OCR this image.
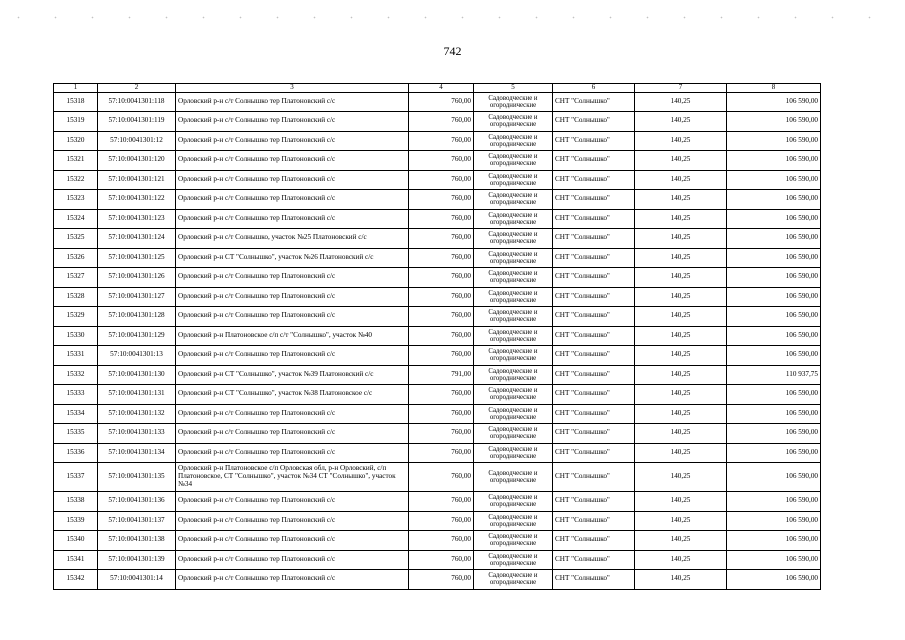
742
1	2	3	4	5	6	7	8
15318	57:10:0041301:118	Орловский р-н с/т Солнышко тер Платоновский с/с	760,00	Садоводческие и огороднические	СНТ "Солнышко"	140,25	106 590,00
15319	57:10:0041301:119	Орловский р-н с/т Солнышко тер Платоновский с/с	760,00	Садоводческие и огороднические	СНТ "Солнышко"	140,25	106 590,00
15320	57:10:0041301:12	Орловский р-н с/т Солнышко тер Платоновский с/с	760,00	Садоводческие и огороднические	СНТ "Солнышко"	140,25	106 590,00
15321	57:10:0041301:120	Орловский р-н с/т Солнышко тер Платоновский с/с	760,00	Садоводческие и огороднические	СНТ "Солнышко"	140,25	106 590,00
15322	57:10:0041301:121	Орловский р-н с/т Солнышко тер Платоновский с/с	760,00	Садоводческие и огороднические	СНТ "Солнышко"	140,25	106 590,00
15323	57:10:0041301:122	Орловский р-н с/т Солнышко тер Платоновский с/с	760,00	Садоводческие и огороднические	СНТ "Солнышко"	140,25	106 590,00
15324	57:10:0041301:123	Орловский р-н с/т Солнышко тер Платоновский с/с	760,00	Садоводческие и огороднические	СНТ "Солнышко"	140,25	106 590,00
15325	57:10:0041301:124	Орловский р-н с/т Солнышко, участок №25 Платоновский с/с	760,00	Садоводческие и огороднические	СНТ "Солнышко"	140,25	106 590,00
15326	57:10:0041301:125	Орловский р-н СТ "Солнышко", участок №26 Платоновский с/с	760,00	Садоводческие и огороднические	СНТ "Солнышко"	140,25	106 590,00
15327	57:10:0041301:126	Орловский р-н с/т Солнышко тер Платоновский с/с	760,00	Садоводческие и огороднические	СНТ "Солнышко"	140,25	106 590,00
15328	57:10:0041301:127	Орловский р-н с/т Солнышко тер Платоновский с/с	760,00	Садоводческие и огороднические	СНТ "Солнышко"	140,25	106 590,00
15329	57:10:0041301:128	Орловский р-н с/т Солнышко тер Платоновский с/с	760,00	Садоводческие и огороднические	СНТ "Солнышко"	140,25	106 590,00
15330	57:10:0041301:129	Орловский р-н Платоновское с/п с/т "Солнышко", участок №40	760,00	Садоводческие и огороднические	СНТ "Солнышко"	140,25	106 590,00
15331	57:10:0041301:13	Орловский р-н с/т Солнышко тер Платоновский с/с	760,00	Садоводческие и огороднические	СНТ "Солнышко"	140,25	106 590,00
15332	57:10:0041301:130	Орловский р-н СТ "Солнышко", участок №39 Платоновский с/с	791,00	Садоводческие и огороднические	СНТ "Солнышко"	140,25	110 937,75
15333	57:10:0041301:131	Орловский р-н СТ "Солнышко", участок №38 Платоновское с/с	760,00	Садоводческие и огороднические	СНТ "Солнышко"	140,25	106 590,00
15334	57:10:0041301:132	Орловский р-н с/т Солнышко тер Платоновский с/с	760,00	Садоводческие и огороднические	СНТ "Солнышко"	140,25	106 590,00
15335	57:10:0041301:133	Орловский р-н с/т Солнышко тер Платоновский с/с	760,00	Садоводческие и огороднические	СНТ "Солнышко"	140,25	106 590,00
15336	57:10:0041301:134	Орловский р-н с/т Солнышко тер Платоновский с/с	760,00	Садоводческие и огороднические	СНТ "Солнышко"	140,25	106 590,00
15337	57:10:0041301:135	Орловский р-н Платоновское с/п Орловская обл, р-н Орловский, с/п Платоновское, СТ "Солнышко", участок №34 СТ "Солнышко", участок №34	760,00	Садоводческие и огороднические	СНТ "Солнышко"	140,25	106 590,00
15338	57:10:0041301:136	Орловский р-н с/т Солнышко тер Платоновский с/с	760,00	Садоводческие и огороднические	СНТ "Солнышко"	140,25	106 590,00
15339	57:10:0041301:137	Орловский р-н с/т Солнышко тер Платоновский с/с	760,00	Садоводческие и огороднические	СНТ "Солнышко"	140,25	106 590,00
15340	57:10:0041301:138	Орловский р-н с/т Солнышко тер Платоновский с/с	760,00	Садоводческие и огороднические	СНТ "Солнышко"	140,25	106 590,00
15341	57:10:0041301:139	Орловский р-н с/т Солнышко тер Платоновский с/с	760,00	Садоводческие и огороднические	СНТ "Солнышко"	140,25	106 590,00
15342	57:10:0041301:14	Орловский р-н с/т Солнышко тер Платоновский с/с	760,00	Садоводческие и огороднические	СНТ "Солнышко"	140,25	106 590,00
